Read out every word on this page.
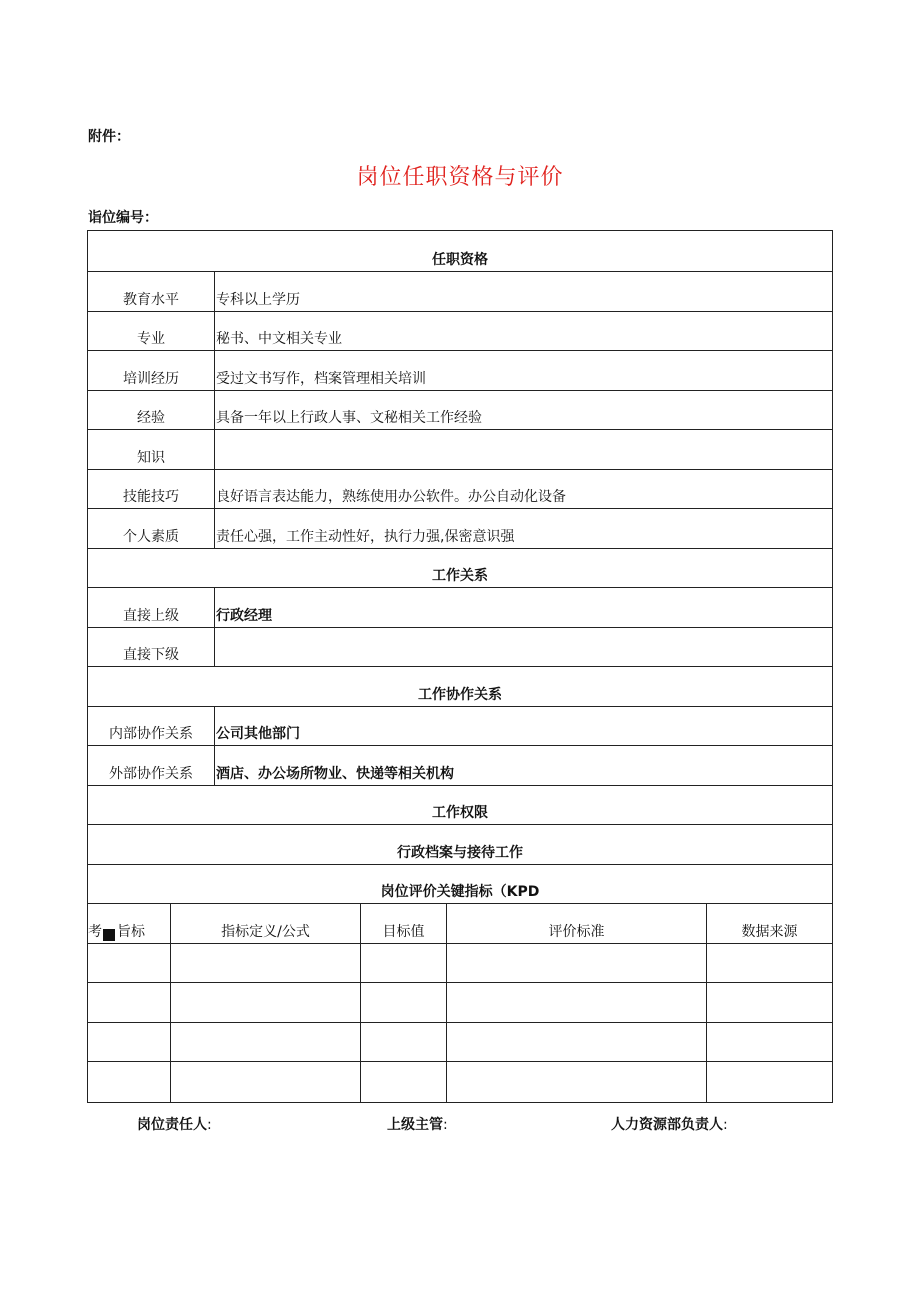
附件：
岗位任职资格与评价
诣位编号：
任职资格
教育水平	专科以上学历
专业	秘书、中文相关专业
培训经历	受过文书写作，档案管理相关培训
经验	具备一年以上行政人事、文秘相关工作经验
知识
技能技巧	良好语言表达能力，熟练使用办公软件。办公自动化设备
个人素质	责任心强，工作主动性好，执行力强,保密意识强
工作关系
直接上级	行政经理
直接下级
工作协作关系
内部协作关系	公司其他部门
外部协作关系	酒店、办公场所物业、快递等相关机构
工作权限
行政档案与接待工作
岗位评价关键指标（KPD
考 旨标	指标定义/公式	目标值	评价标准	数据来源
岗位责任人:	上级主管:	人力资源部负责人:
